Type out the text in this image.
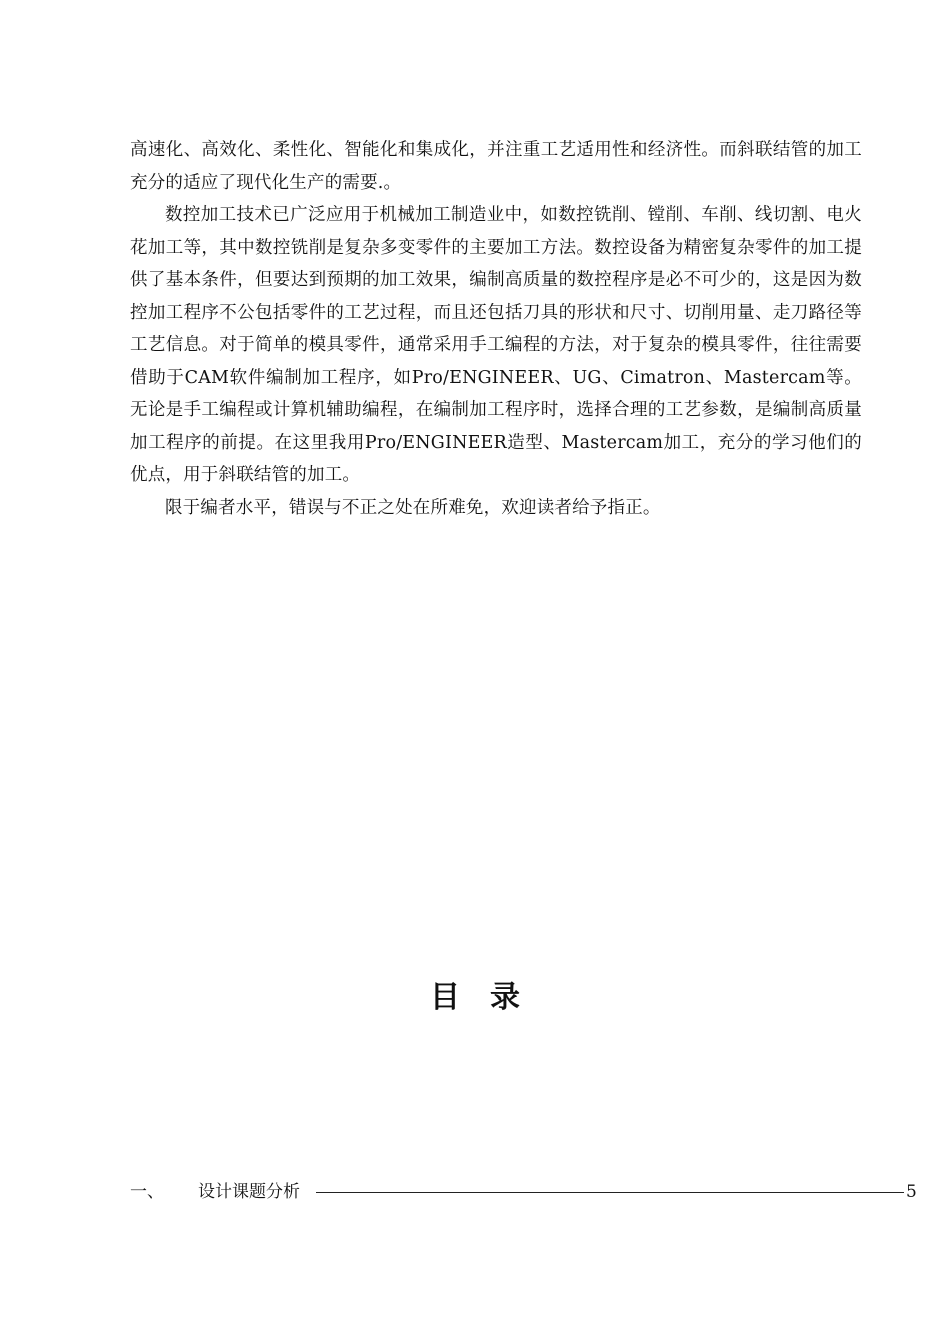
高速化、高效化、柔性化、智能化和集成化，并注重工艺适用性和经济性。而斜联结管的加工充分的适应了现代化生产的需要.。

数控加工技术已广泛应用于机械加工制造业中，如数控铣削、镗削、车削、线切割、电火花加工等，其中数控铣削是复杂多变零件的主要加工方法。数控设备为精密复杂零件的加工提供了基本条件，但要达到预期的加工效果，编制高质量的数控程序是必不可少的，这是因为数控加工程序不公包括零件的工艺过程，而且还包括刀具的形状和尺寸、切削用量、走刀路径等工艺信息。对于简单的模具零件，通常采用手工编程的方法，对于复杂的模具零件，往往需要借助于CAM软件编制加工程序，如Pro/ENGINEER、UG、Cimatron、Mastercam等。无论是手工编程或计算机辅助编程，在编制加工程序时，选择合理的工艺参数，是编制高质量加工程序的前提。在这里我用Pro/ENGINEER造型、Mastercam加工，充分的学习他们的优点，用于斜联结管的加工。

限于编者水平，错误与不正之处在所难免，欢迎读者给予指正。

目 录
一、 设计课题分析	5
